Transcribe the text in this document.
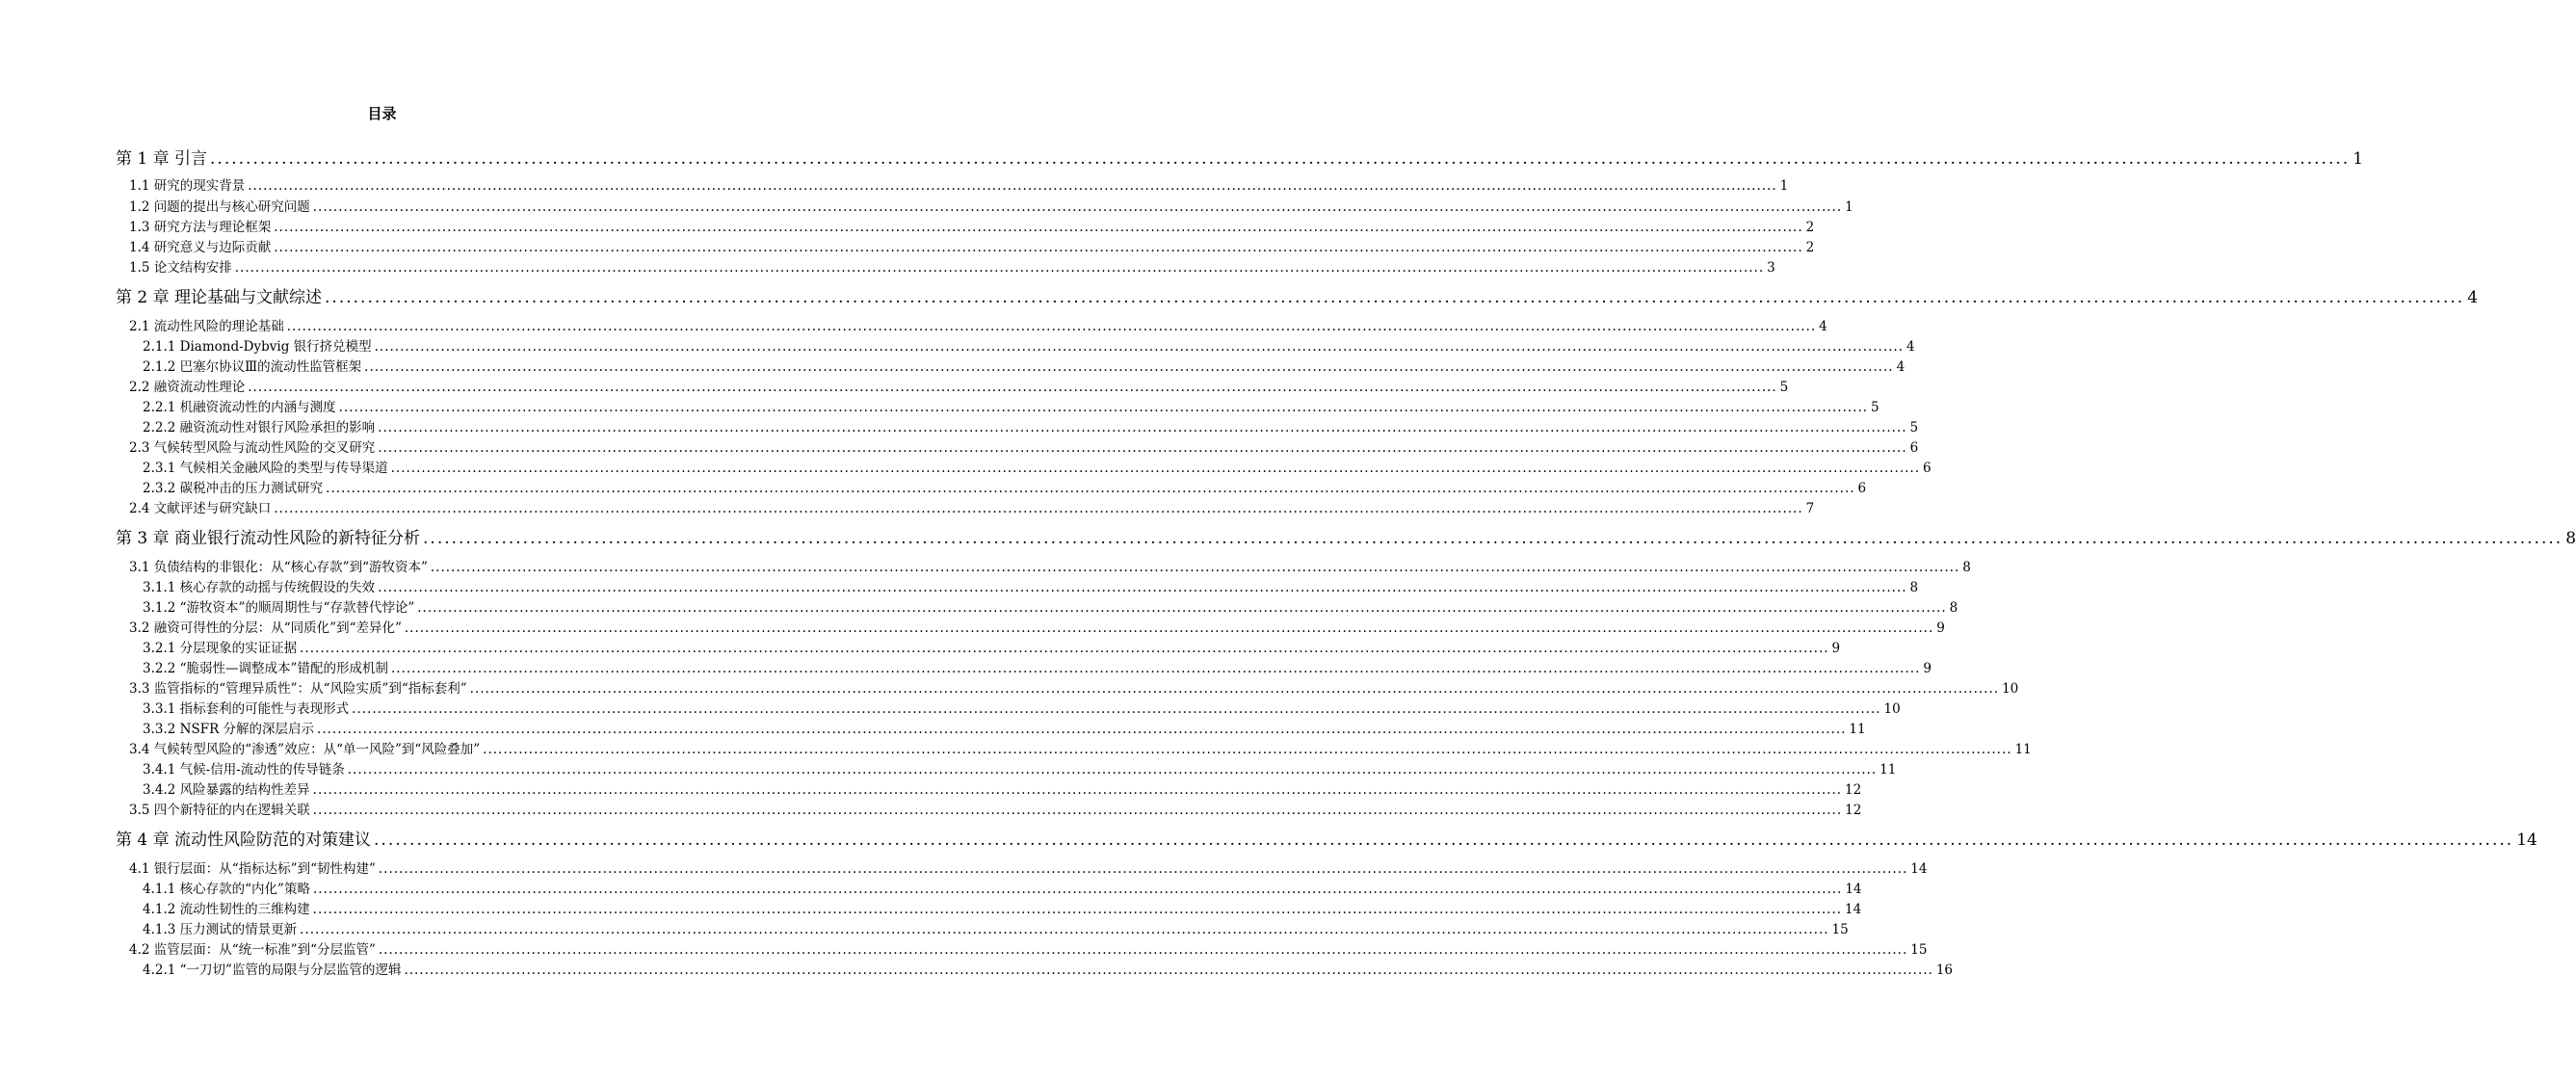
目录
第 1 章 引言 ............................................................................................................................................................................................................................................................................................................ 1
1.1 研究的现实背景 ............................................................................................................................................................................................................................................................................................................ 1
1.2 问题的提出与核心研究问题 ............................................................................................................................................................................................................................................................................................................ 1
1.3 研究方法与理论框架 ............................................................................................................................................................................................................................................................................................................ 2
1.4 研究意义与边际贡献 ............................................................................................................................................................................................................................................................................................................ 2
1.5 论文结构安排 ............................................................................................................................................................................................................................................................................................................ 3
第 2 章 理论基础与文献综述 ............................................................................................................................................................................................................................................................................................................ 4
2.1 流动性风险的理论基础 ............................................................................................................................................................................................................................................................................................................ 4
2.1.1 Diamond-Dybvig 银行挤兑模型 ............................................................................................................................................................................................................................................................................................................ 4
2.1.2 巴塞尔协议Ⅲ的流动性监管框架 ............................................................................................................................................................................................................................................................................................................ 4
2.2 融资流动性理论 ............................................................................................................................................................................................................................................................................................................ 5
2.2.1 机融资流动性的内涵与测度 ............................................................................................................................................................................................................................................................................................................ 5
2.2.2 融资流动性对银行风险承担的影响 ............................................................................................................................................................................................................................................................................................................ 5
2.3 气候转型风险与流动性风险的交叉研究 ............................................................................................................................................................................................................................................................................................................ 6
2.3.1 气候相关金融风险的类型与传导渠道 ............................................................................................................................................................................................................................................................................................................ 6
2.3.2 碳税冲击的压力测试研究 ............................................................................................................................................................................................................................................................................................................ 6
2.4 文献评述与研究缺口 ............................................................................................................................................................................................................................................................................................................ 7
第 3 章 商业银行流动性风险的新特征分析 ............................................................................................................................................................................................................................................................................................................ 8
3.1 负债结构的非银化：从“核心存款”到“游牧资本” ............................................................................................................................................................................................................................................................................................................ 8
3.1.1 核心存款的动摇与传统假设的失效 ............................................................................................................................................................................................................................................................................................................ 8
3.1.2 “游牧资本”的顺周期性与“存款替代悖论” ............................................................................................................................................................................................................................................................................................................ 8
3.2 融资可得性的分层：从“同质化”到“差异化” ............................................................................................................................................................................................................................................................................................................ 9
3.2.1 分层现象的实证证据 ............................................................................................................................................................................................................................................................................................................ 9
3.2.2 “脆弱性—调整成本”错配的形成机制 ............................................................................................................................................................................................................................................................................................................ 9
3.3 监管指标的“管理异质性”：从“风险实质”到“指标套利” ............................................................................................................................................................................................................................................................................................................ 10
3.3.1 指标套利的可能性与表现形式 ............................................................................................................................................................................................................................................................................................................ 10
3.3.2 NSFR 分解的深层启示 ............................................................................................................................................................................................................................................................................................................ 11
3.4 气候转型风险的“渗透”效应：从“单一风险”到“风险叠加” ............................................................................................................................................................................................................................................................................................................ 11
3.4.1 气候-信用-流动性的传导链条 ............................................................................................................................................................................................................................................................................................................ 11
3.4.2 风险暴露的结构性差异 ............................................................................................................................................................................................................................................................................................................ 12
3.5 四个新特征的内在逻辑关联 ............................................................................................................................................................................................................................................................................................................ 12
第 4 章 流动性风险防范的对策建议 ............................................................................................................................................................................................................................................................................................................ 14
4.1 银行层面：从“指标达标”到“韧性构建” ............................................................................................................................................................................................................................................................................................................ 14
4.1.1 核心存款的“内化”策略 ............................................................................................................................................................................................................................................................................................................ 14
4.1.2 流动性韧性的三维构建 ............................................................................................................................................................................................................................................................................................................ 14
4.1.3 压力测试的情景更新 ............................................................................................................................................................................................................................................................................................................ 15
4.2 监管层面：从“统一标准”到“分层监管” ............................................................................................................................................................................................................................................................................................................ 15
4.2.1 “一刀切”监管的局限与分层监管的逻辑 ............................................................................................................................................................................................................................................................................................................ 16
